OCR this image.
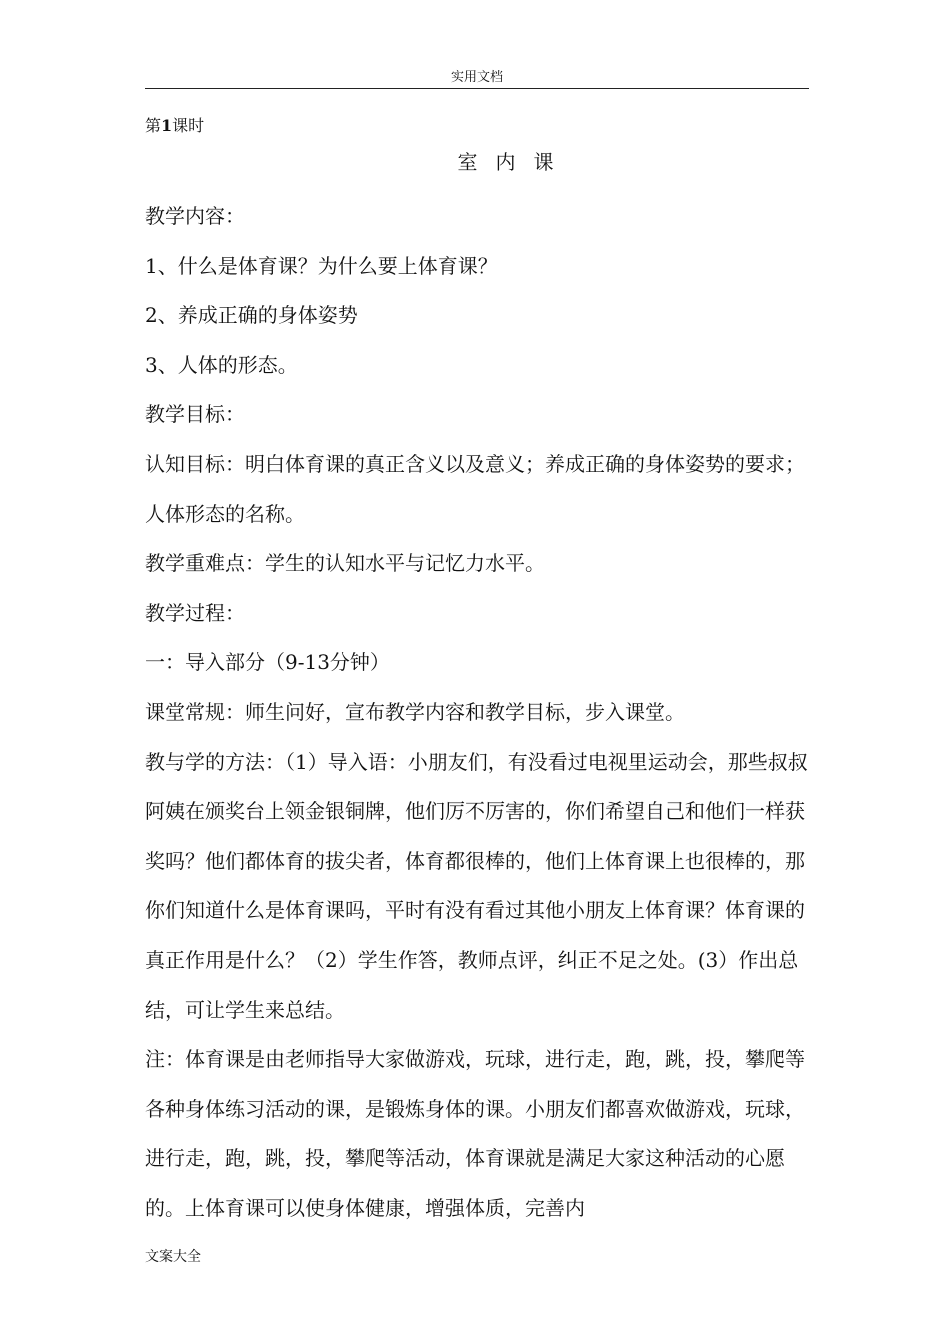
实用文档
第1课时
室内课

教学内容：

1、什么是体育课？为什么要上体育课？

2、养成正确的身体姿势

3、人体的形态。

教学目标：

认知目标：明白体育课的真正含义以及意义；养成正确的身体姿势的要求；人体形态的名称。

教学重难点：学生的认知水平与记忆力水平。

教学过程：

一：导入部分（9-13分钟）

课堂常规：师生问好，宣布教学内容和教学目标，步入课堂。

教与学的方法：（1）导入语：小朋友们，有没看过电视里运动会，那些叔叔阿姨在颁奖台上领金银铜牌，他们厉不厉害的，你们希望自己和他们一样获奖吗？他们都体育的拔尖者，体育都很棒的，他们上体育课上也很棒的，那你们知道什么是体育课吗，平时有没有看过其他小朋友上体育课？体育课的真正作用是什么？（2）学生作答，教师点评，纠正不足之处。(3）作出总结，可让学生来总结。

注：体育课是由老师指导大家做游戏，玩球，进行走，跑，跳，投，攀爬等各种身体练习活动的课，是锻炼身体的课。小朋友们都喜欢做游戏，玩球，进行走，跑，跳，投，攀爬等活动，体育课就是满足大家这种活动的心愿的。上体育课可以使身体健康，增强体质，完善内

文案大全
